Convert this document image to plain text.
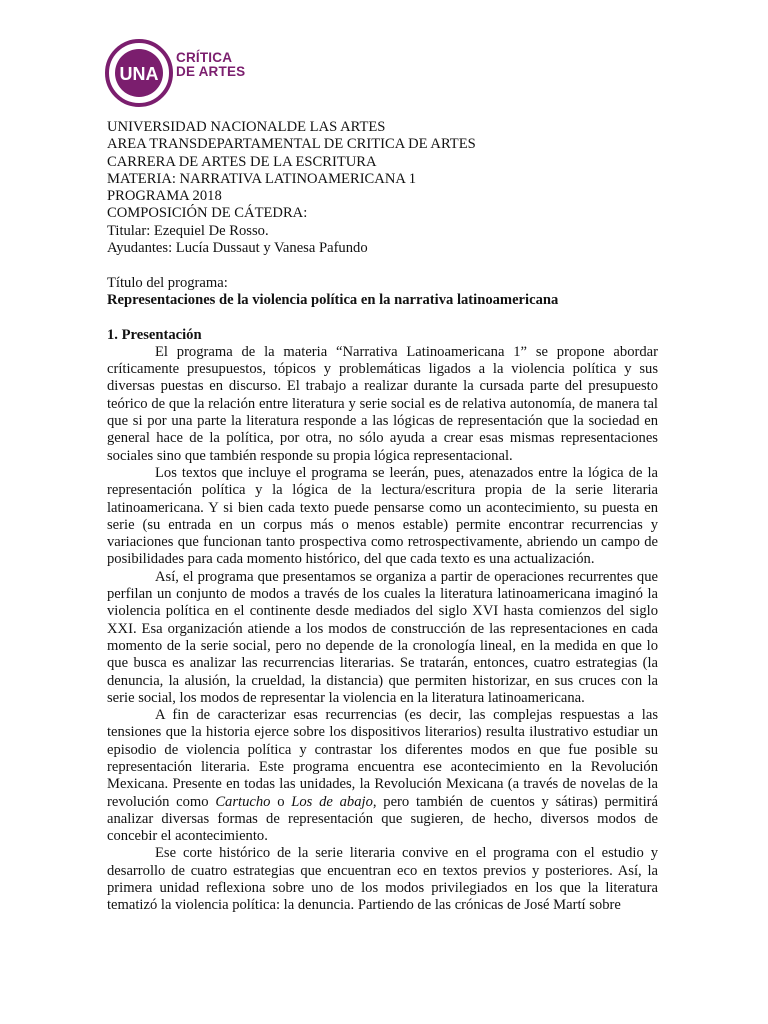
UNA
CRÍTICA
DE ARTES
UNIVERSIDAD NACIONALDE LAS ARTES
AREA TRANSDEPARTAMENTAL DE CRITICA DE ARTES
CARRERA DE ARTES DE LA ESCRITURA
MATERIA: NARRATIVA LATINOAMERICANA 1
PROGRAMA 2018
COMPOSICIÓN DE CÁTEDRA:
Titular: Ezequiel De Rosso.
Ayudantes: Lucía Dussaut y Vanesa Pafundo
Título del programa:
Representaciones de la violencia política en la narrativa latinoamericana
1. Presentación

El programa de la materia “Narrativa Latinoamericana 1” se propone abordar críticamente presupuestos, tópicos y problemáticas ligados a la violencia política y sus diversas puestas en discurso. El trabajo a realizar durante la cursada parte del presupuesto teórico de que la relación entre literatura y serie social es de relativa autonomía, de manera tal que si por una parte la literatura responde a las lógicas de representación que la sociedad en general hace de la política, por otra, no sólo ayuda a crear esas mismas representaciones sociales sino que también responde su propia lógica representacional.

Los textos que incluye el programa se leerán, pues, atenazados entre la lógica de la representación política y la lógica de la lectura/escritura propia de la serie literaria latinoamericana. Y si bien cada texto puede pensarse como un acontecimiento, su puesta en serie (su entrada en un corpus más o menos estable) permite encontrar recurrencias y variaciones que funcionan tanto prospectiva como retrospectivamente, abriendo un campo de posibilidades para cada momento histórico, del que cada texto es una actualización.

Así, el programa que presentamos se organiza a partir de operaciones recurrentes que perfilan un conjunto de modos a través de los cuales la literatura latinoamericana imaginó la violencia política en el continente desde mediados del siglo XVI hasta comienzos del siglo XXI. Esa organización atiende a los modos de construcción de las representaciones en cada momento de la serie social, pero no depende de la cronología lineal, en la medida en que lo que busca es analizar las recurrencias literarias. Se tratarán, entonces, cuatro estrategias (la denuncia, la alusión, la crueldad, la distancia) que permiten historizar, en sus cruces con la serie social, los modos de representar la violencia en la literatura latinoamericana.

A fin de caracterizar esas recurrencias (es decir, las complejas respuestas a las tensiones que la historia ejerce sobre los dispositivos literarios) resulta ilustrativo estudiar un episodio de violencia política y contrastar los diferentes modos en que fue posible su representación literaria. Este programa encuentra ese acontecimiento en la Revolución Mexicana. Presente en todas las unidades, la Revolución Mexicana (a través de novelas de la revolución como Cartucho o Los de abajo, pero también de cuentos y sátiras) permitirá analizar diversas formas de representación que sugieren, de hecho, diversos modos de concebir el acontecimiento.

Ese corte histórico de la serie literaria convive en el programa con el estudio y desarrollo de cuatro estrategias que encuentran eco en textos previos y posteriores. Así, la primera unidad reflexiona sobre uno de los modos privilegiados en los que la literatura tematizó la violencia política: la denuncia. Partiendo de las crónicas de José Martí sobre
